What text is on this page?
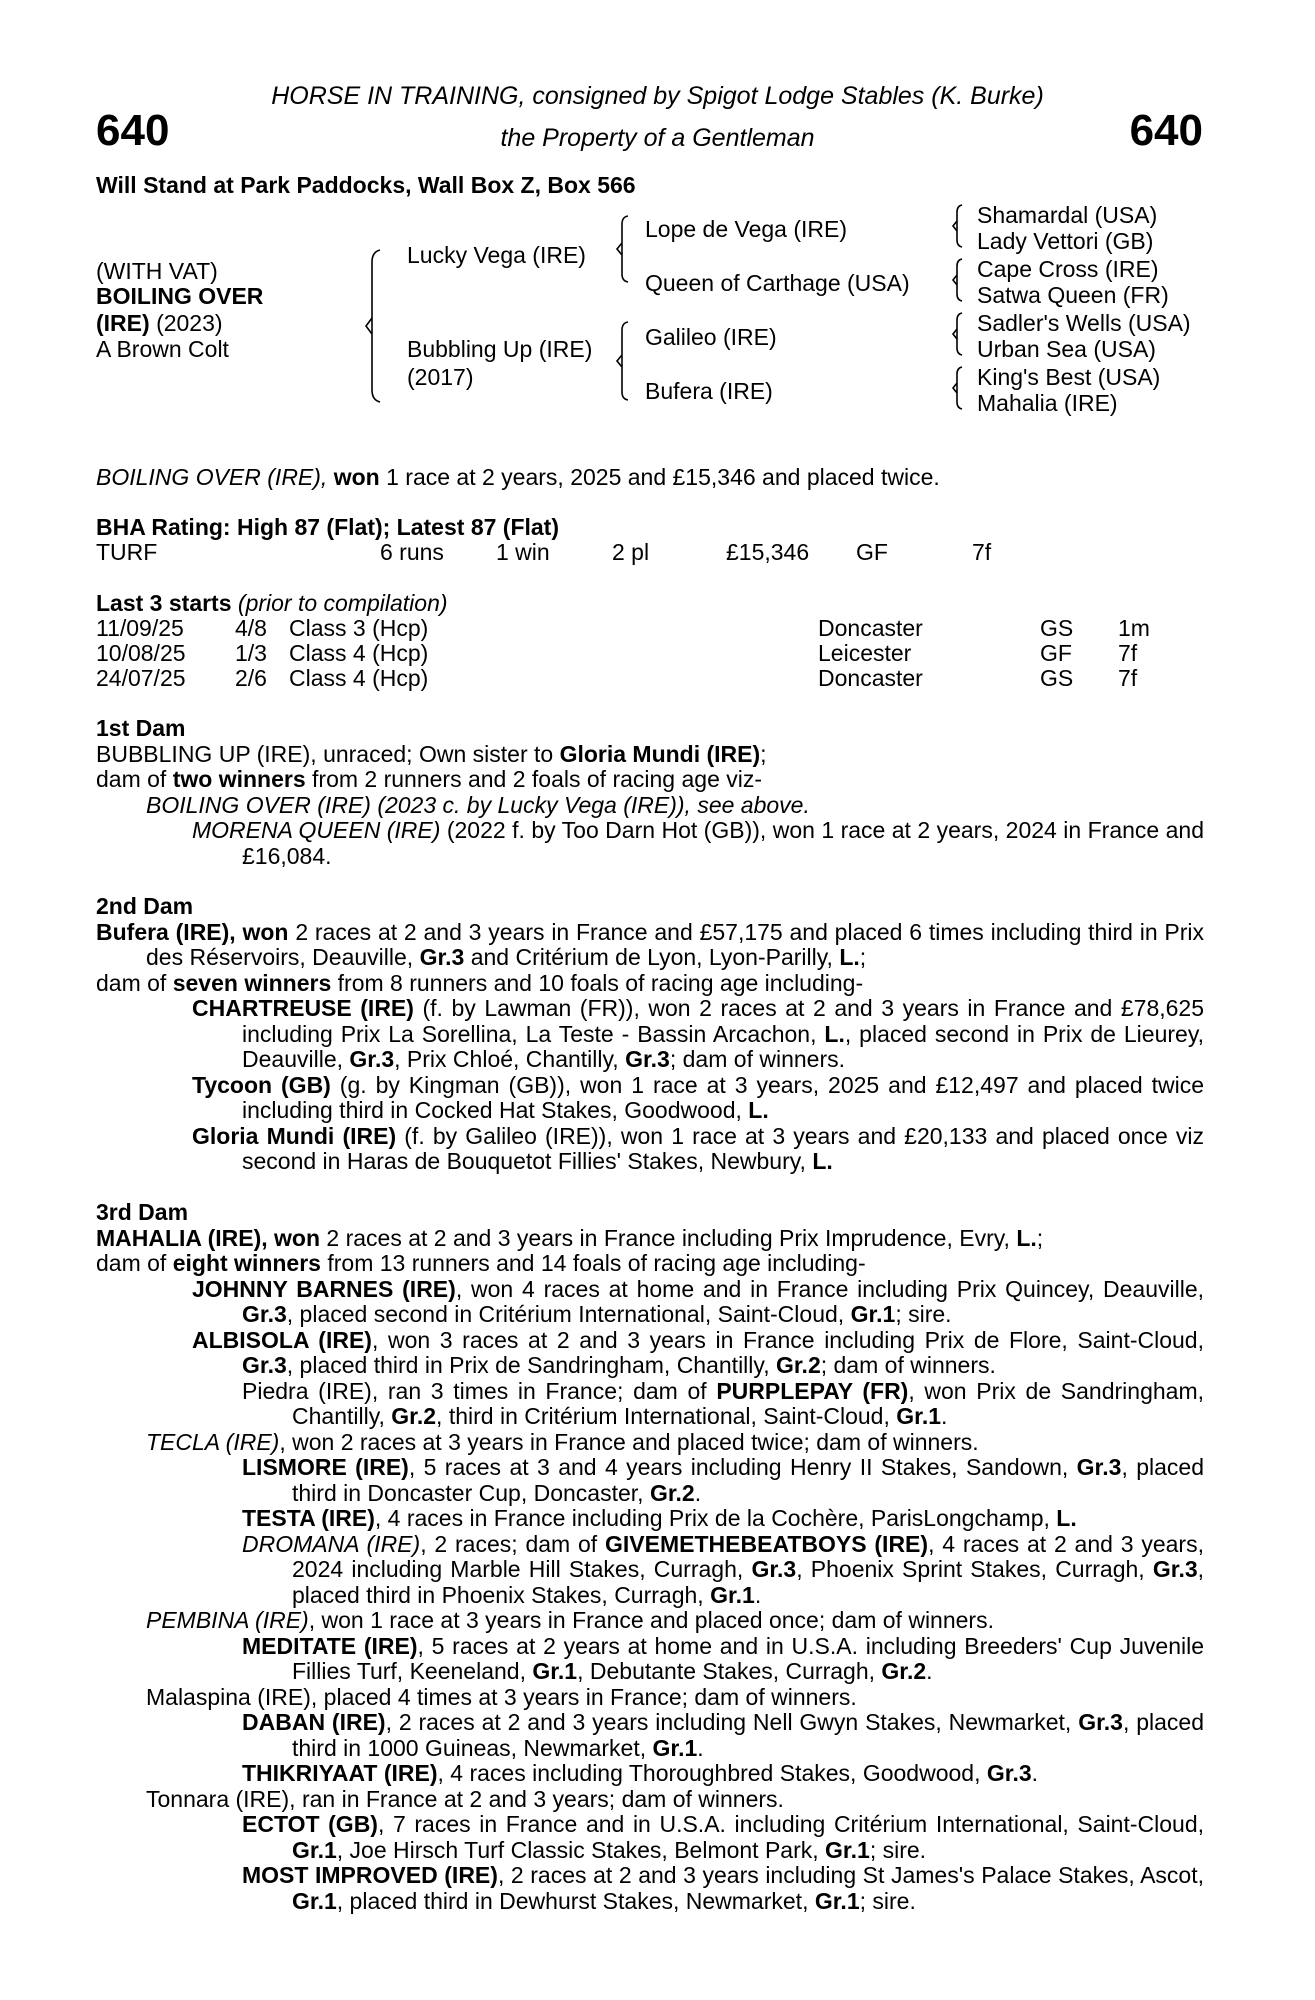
HORSE IN TRAINING, consigned by Spigot Lodge Stables (K. Burke)
640	the Property of a Gentleman	640
Will Stand at Park Paddocks, Wall Box Z, Box 566
(WITH VAT)
BOILING OVER
(IRE) (2023)
A Brown Colt
Lucky Vega (IRE)
Bubbling Up (IRE)
(2017)
Lope de Vega (IRE)
Queen of Carthage (USA)
Galileo (IRE)
Bufera (IRE)
Shamardal (USA)
Lady Vettori (GB)
Cape Cross (IRE)
Satwa Queen (FR)
Sadler's Wells (USA)
Urban Sea (USA)
King's Best (USA)
Mahalia (IRE)
BOILING OVER (IRE), won 1 race at 2 years, 2025 and £15,346 and placed twice.
BHA Rating: High 87 (Flat); Latest 87 (Flat)
TURF	6 runs 1 win	2 pl	£15,346 GF	7f
Last 3 starts (prior to compilation)
11/09/25 4/8 Class 3 (Hcp)	Doncaster	GS 1m
10/08/25 1/3 Class 4 (Hcp)	Leicester	GF 7f
24/07/25 2/6 Class 4 (Hcp)	Doncaster	GS 7f

1st Dam

BUBBLING UP (IRE), unraced; Own sister to Gloria Mundi (IRE);

dam of two winners from 2 runners and 2 foals of racing age viz-

BOILING OVER (IRE) (2023 c. by Lucky Vega (IRE)), see above.

MORENA QUEEN (IRE) (2022 f. by Too Darn Hot (GB)), won 1 race at 2 years, 2024 in France and £16,084.

2nd Dam

Bufera (IRE), won 2 races at 2 and 3 years in France and £57,175 and placed 6 times including third in Prix des Réservoirs, Deauville, Gr.3 and Critérium de Lyon, Lyon-Parilly, L.;

dam of seven winners from 8 runners and 10 foals of racing age including-

CHARTREUSE (IRE) (f. by Lawman (FR)), won 2 races at 2 and 3 years in France and £78,625 including Prix La Sorellina, La Teste - Bassin Arcachon, L., placed second in Prix de Lieurey, Deauville, Gr.3, Prix Chloé, Chantilly, Gr.3; dam of winners.

Tycoon (GB) (g. by Kingman (GB)), won 1 race at 3 years, 2025 and £12,497 and placed twice including third in Cocked Hat Stakes, Goodwood, L.

Gloria Mundi (IRE) (f. by Galileo (IRE)), won 1 race at 3 years and £20,133 and placed once viz second in Haras de Bouquetot Fillies' Stakes, Newbury, L.

3rd Dam

MAHALIA (IRE), won 2 races at 2 and 3 years in France including Prix Imprudence, Evry, L.;

dam of eight winners from 13 runners and 14 foals of racing age including-

JOHNNY BARNES (IRE), won 4 races at home and in France including Prix Quincey, Deauville, Gr.3, placed second in Critérium International, Saint-Cloud, Gr.1; sire.

ALBISOLA (IRE), won 3 races at 2 and 3 years in France including Prix de Flore, Saint-Cloud, Gr.3, placed third in Prix de Sandringham, Chantilly, Gr.2; dam of winners.

Piedra (IRE), ran 3 times in France; dam of PURPLEPAY (FR), won Prix de Sandringham, Chantilly, Gr.2, third in Critérium International, Saint-Cloud, Gr.1.

TECLA (IRE), won 2 races at 3 years in France and placed twice; dam of winners.

LISMORE (IRE), 5 races at 3 and 4 years including Henry II Stakes, Sandown, Gr.3, placed third in Doncaster Cup, Doncaster, Gr.2.

TESTA (IRE), 4 races in France including Prix de la Cochère, ParisLongchamp, L.

DROMANA (IRE), 2 races; dam of GIVEMETHEBEATBOYS (IRE), 4 races at 2 and 3 years, 2024 including Marble Hill Stakes, Curragh, Gr.3, Phoenix Sprint Stakes, Curragh, Gr.3, placed third in Phoenix Stakes, Curragh, Gr.1.

PEMBINA (IRE), won 1 race at 3 years in France and placed once; dam of winners.

MEDITATE (IRE), 5 races at 2 years at home and in U.S.A. including Breeders' Cup Juvenile Fillies Turf, Keeneland, Gr.1, Debutante Stakes, Curragh, Gr.2.

Malaspina (IRE), placed 4 times at 3 years in France; dam of winners.

DABAN (IRE), 2 races at 2 and 3 years including Nell Gwyn Stakes, Newmarket, Gr.3, placed third in 1000 Guineas, Newmarket, Gr.1.

THIKRIYAAT (IRE), 4 races including Thoroughbred Stakes, Goodwood, Gr.3.

Tonnara (IRE), ran in France at 2 and 3 years; dam of winners.

ECTOT (GB), 7 races in France and in U.S.A. including Critérium International, Saint-Cloud, Gr.1, Joe Hirsch Turf Classic Stakes, Belmont Park, Gr.1; sire.

MOST IMPROVED (IRE), 2 races at 2 and 3 years including St James's Palace Stakes, Ascot, Gr.1, placed third in Dewhurst Stakes, Newmarket, Gr.1; sire.
